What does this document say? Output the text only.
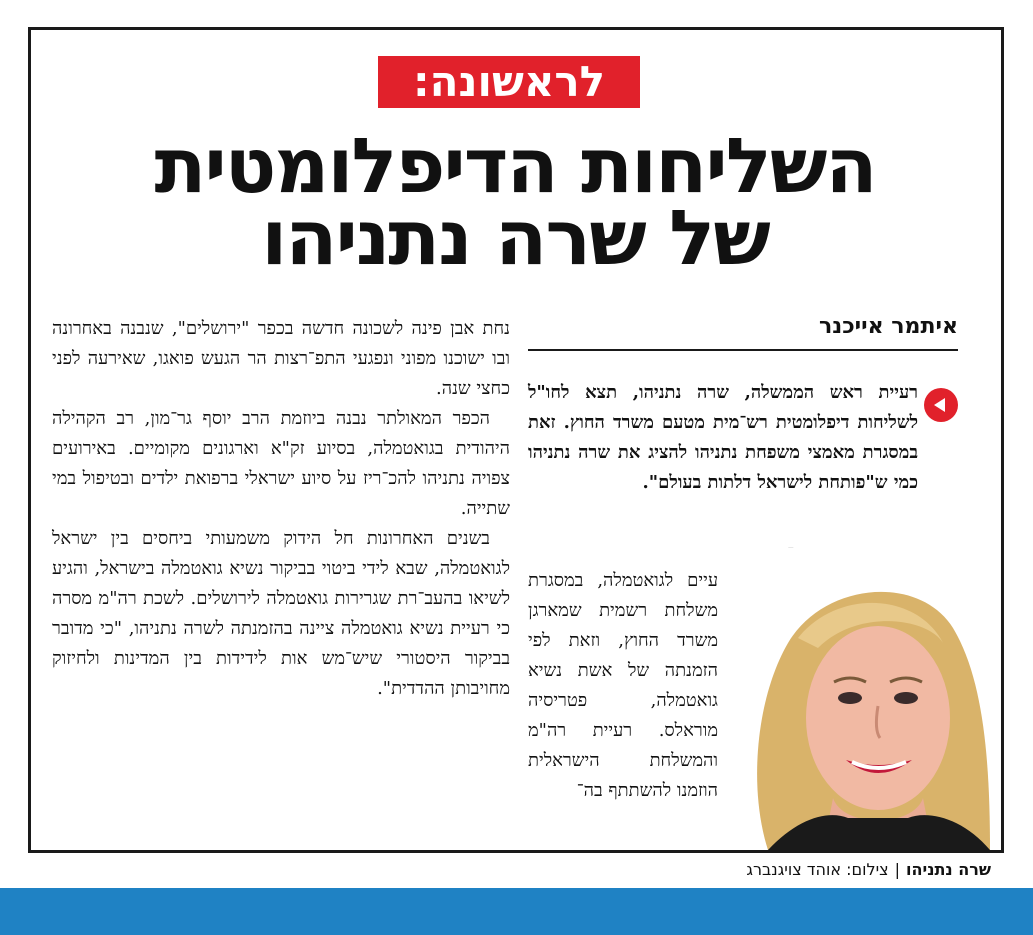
לראשונה:
השליחות הדיפלומטית
של שרה נתניהו
איתמר אייכנר

רעיית ראש הממשלה, שרה נתניהו, תצא לחו"ל לשליחות דיפלומטית רש־מית מטעם משרד החוץ. זאת במסגרת מאמצי משפחת נתניהו להציג את שרה נתניהו כמי ש"פותחת לישראל דלתות בעולם".

עיים לגואטמלה, במסגרת משלחת רשמית שמארגן משרד החוץ, וזאת לפי הזמנתה של אשת נשיא גואטמלה, פטריסיה מוראלס. רעיית רה"מ והמשלחת הישראלית הוזמנו להשתתף בה־

נחת אבן פינה לשכונה חדשה בכפר "ירושלים", שנבנה באחרונה ובו ישוכנו מפוני ונפגעי התפ־רצות הר הגעש פואגו, שאירעה לפני כחצי שנה.

הכפר המאולתר נבנה ביוזמת הרב יוסף גר־מון, רב הקהילה היהודית בגואטמלה, בסיוע זק"א וארגונים מקומיים. באירועים צפויה נתניהו להכ־ריז על סיוע ישראלי ברפואת ילדים ובטיפול במי שתייה.

בשנים האחרונות חל הידוק משמעותי ביחסים בין ישראל לגואטמלה, שבא לידי ביטוי בביקור נשיא גואטמלה בישראל, והגיע לשיאו בהעב־רת שגרירות גואטמלה לירושלים. לשכת רה"מ מסרה כי רעיית נשיא גואטמלה ציינה בהזמנתה לשרה נתניהו, "כי מדובר בביקור היסטורי שיש־מש אות לידידות בין המדינות ולחיזוק מחויבותן ההדדית".

שרה נתניהו|צילום: אוהד צויגנברג
